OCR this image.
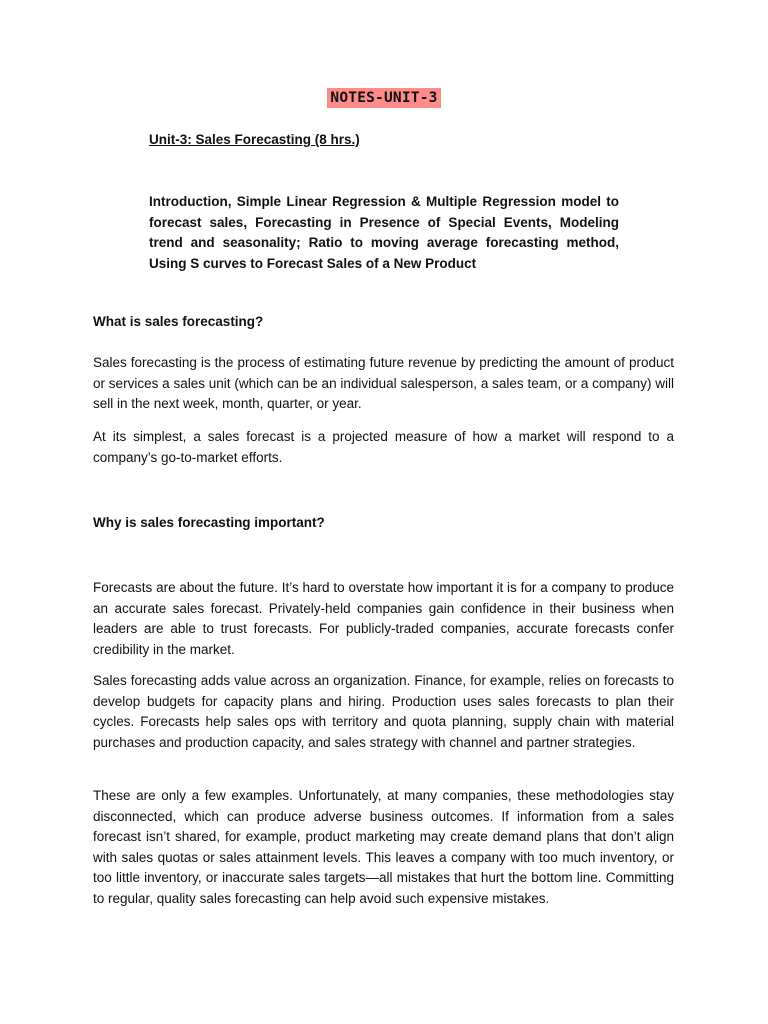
NOTES-UNIT-3
Unit-3: Sales Forecasting (8 hrs.)
Introduction, Simple Linear Regression & Multiple Regression model to forecast sales, Forecasting in Presence of Special Events, Modeling trend and seasonality; Ratio to moving average forecasting method, Using S curves to Forecast Sales of a New Product
What is sales forecasting?
Sales forecasting is the process of estimating future revenue by predicting the amount of product or services a sales unit (which can be an individual salesperson, a sales team, or a company) will sell in the next week, month, quarter, or year.
At its simplest, a sales forecast is a projected measure of how a market will respond to a company’s go-to-market efforts.
Why is sales forecasting important?
Forecasts are about the future. It’s hard to overstate how important it is for a company to produce an accurate sales forecast. Privately-held companies gain confidence in their business when leaders are able to trust forecasts. For publicly-traded companies, accurate forecasts confer credibility in the market.
Sales forecasting adds value across an organization. Finance, for example, relies on forecasts to develop budgets for capacity plans and hiring. Production uses sales forecasts to plan their cycles. Forecasts help sales ops with territory and quota planning, supply chain with material purchases and production capacity, and sales strategy with channel and partner strategies.
These are only a few examples. Unfortunately, at many companies, these methodologies stay disconnected, which can produce adverse business outcomes. If information from a sales forecast isn’t shared, for example, product marketing may create demand plans that don’t align with sales quotas or sales attainment levels. This leaves a company with too much inventory, or too little inventory, or inaccurate sales targets—all mistakes that hurt the bottom line. Committing to regular, quality sales forecasting can help avoid such expensive mistakes.
